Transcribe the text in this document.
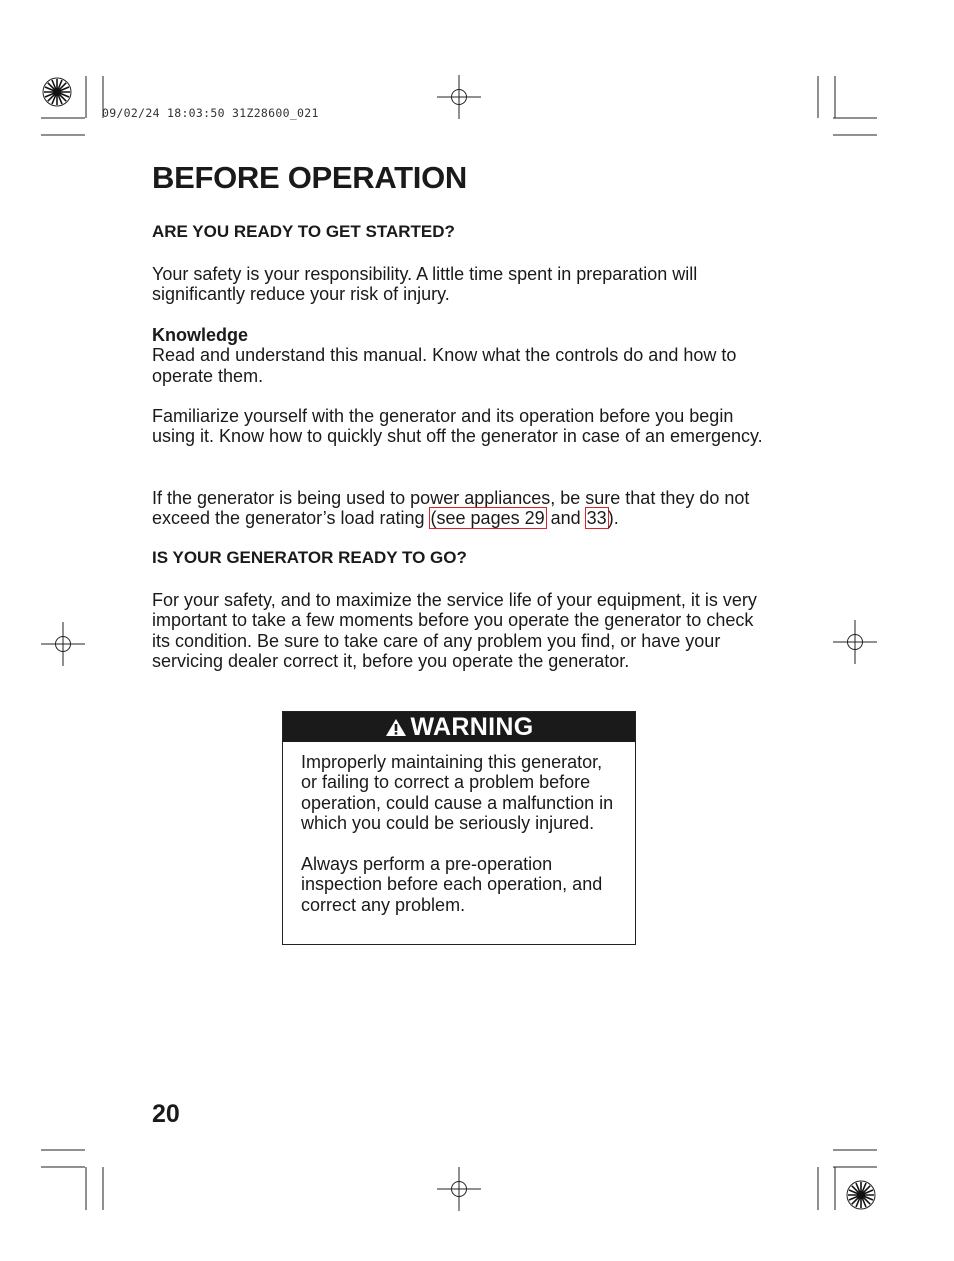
09/02/24 18:03:50 31Z28600_021
BEFORE OPERATION

ARE YOU READY TO GET STARTED?

Your safety is your responsibility. A little time spent in preparation will significantly reduce your risk of injury.

Knowledge
Read and understand this manual. Know what the controls do and how to operate them.

Familiarize yourself with the generator and its operation before you begin using it. Know how to quickly shut off the generator in case of an emergency.

If the generator is being used to power appliances, be sure that they do not exceed the generator’s load rating (see pages 29 and 33).

IS YOUR GENERATOR READY TO GO?

For your safety, and to maximize the service life of your equipment, it is very important to take a few moments before you operate the generator to check its condition. Be sure to take care of any problem you find, or have your servicing dealer correct it, before you operate the generator.

WARNING

Improperly maintaining this generator, or failing to correct a problem before operation, could cause a malfunction in which you could be seriously injured.

Always perform a pre-operation inspection before each operation, and correct any problem.

20
